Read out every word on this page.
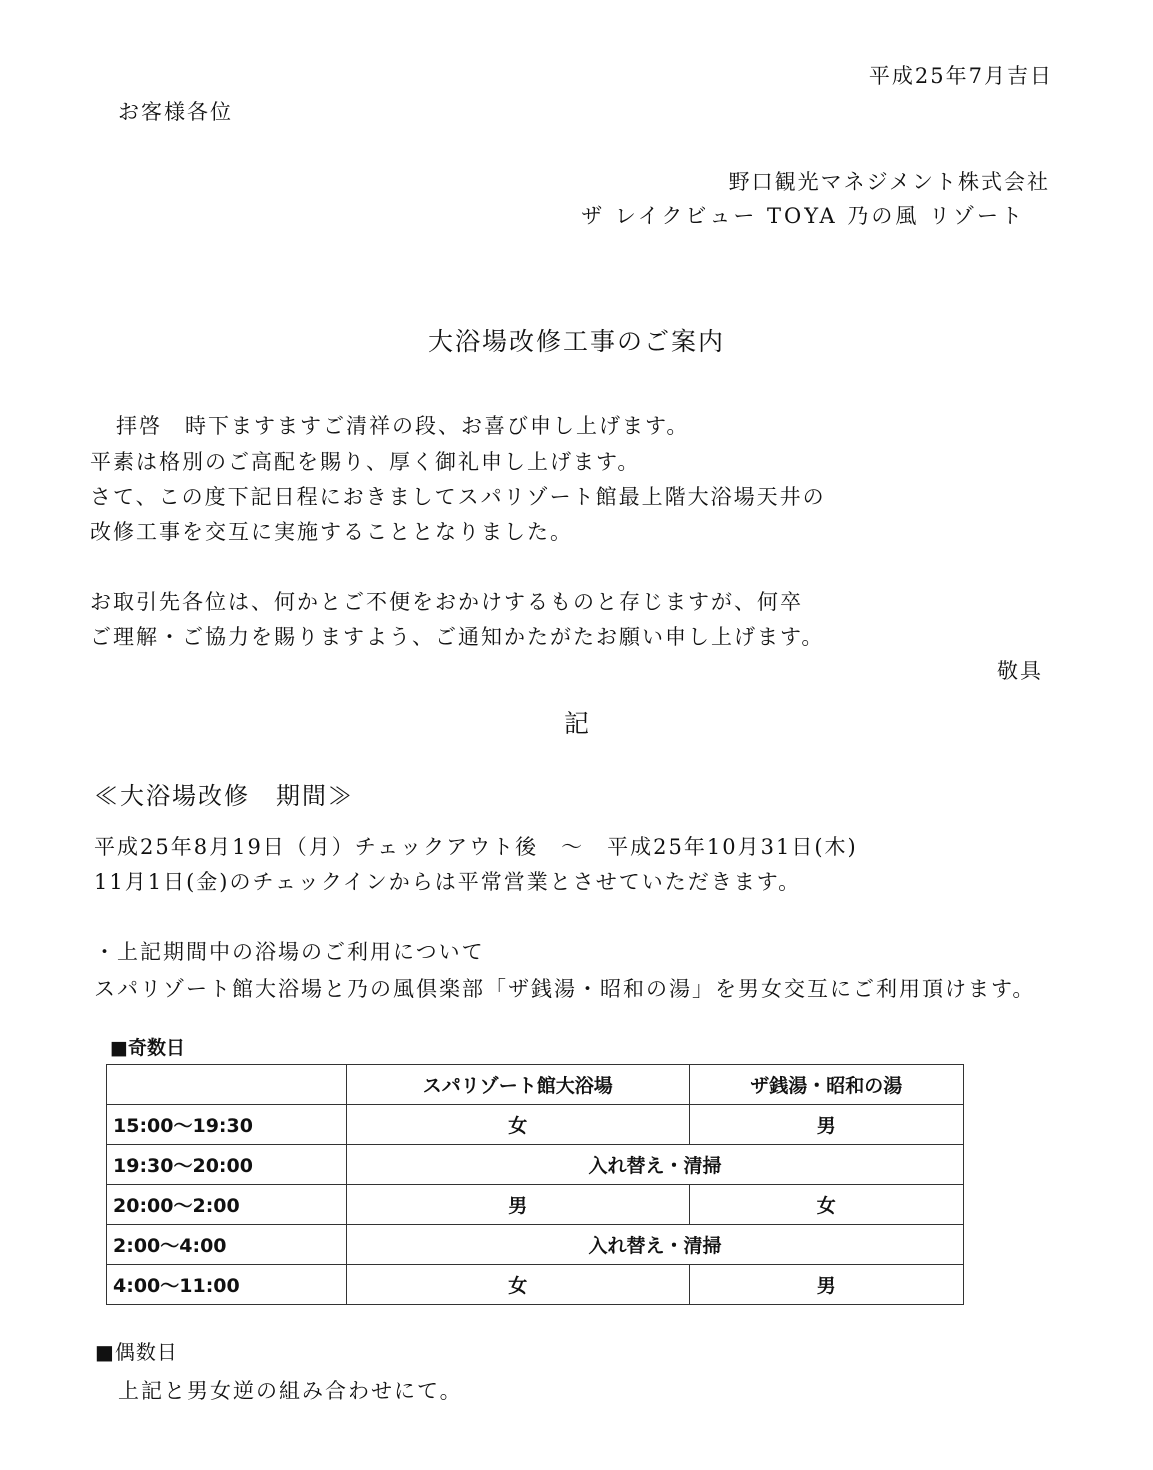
平成25年7月吉日
お客様各位
野口観光マネジメント株式会社
ザ レイクビュー TOYA 乃の風 リゾート
大浴場改修工事のご案内
拝啓　時下ますますご清祥の段、お喜び申し上げます。
平素は格別のご高配を賜り、厚く御礼申し上げます。
さて、この度下記日程におきましてスパリゾート館最上階大浴場天井の
改修工事を交互に実施することとなりました。
お取引先各位は、何かとご不便をおかけするものと存じますが、何卒
ご理解・ご協力を賜りますよう、ご通知かたがたお願い申し上げます。
敬具
記
≪大浴場改修　期間≫
平成25年8月19日（月）チェックアウト後　～　平成25年10月31日(木)
11月1日(金)のチェックインからは平常営業とさせていただきます。
・上記期間中の浴場のご利用について
スパリゾート館大浴場と乃の風倶楽部「ザ銭湯・昭和の湯」を男女交互にご利用頂けます。
■奇数日
	スパリゾート館大浴場	ザ銭湯・昭和の湯
15:00～19:30	女	男
19:30～20:00	入れ替え・清掃	
20:00～2:00	男	女
2:00～4:00	入れ替え・清掃	
4:00～11:00	女	男
■偶数日
上記と男女逆の組み合わせにて。
